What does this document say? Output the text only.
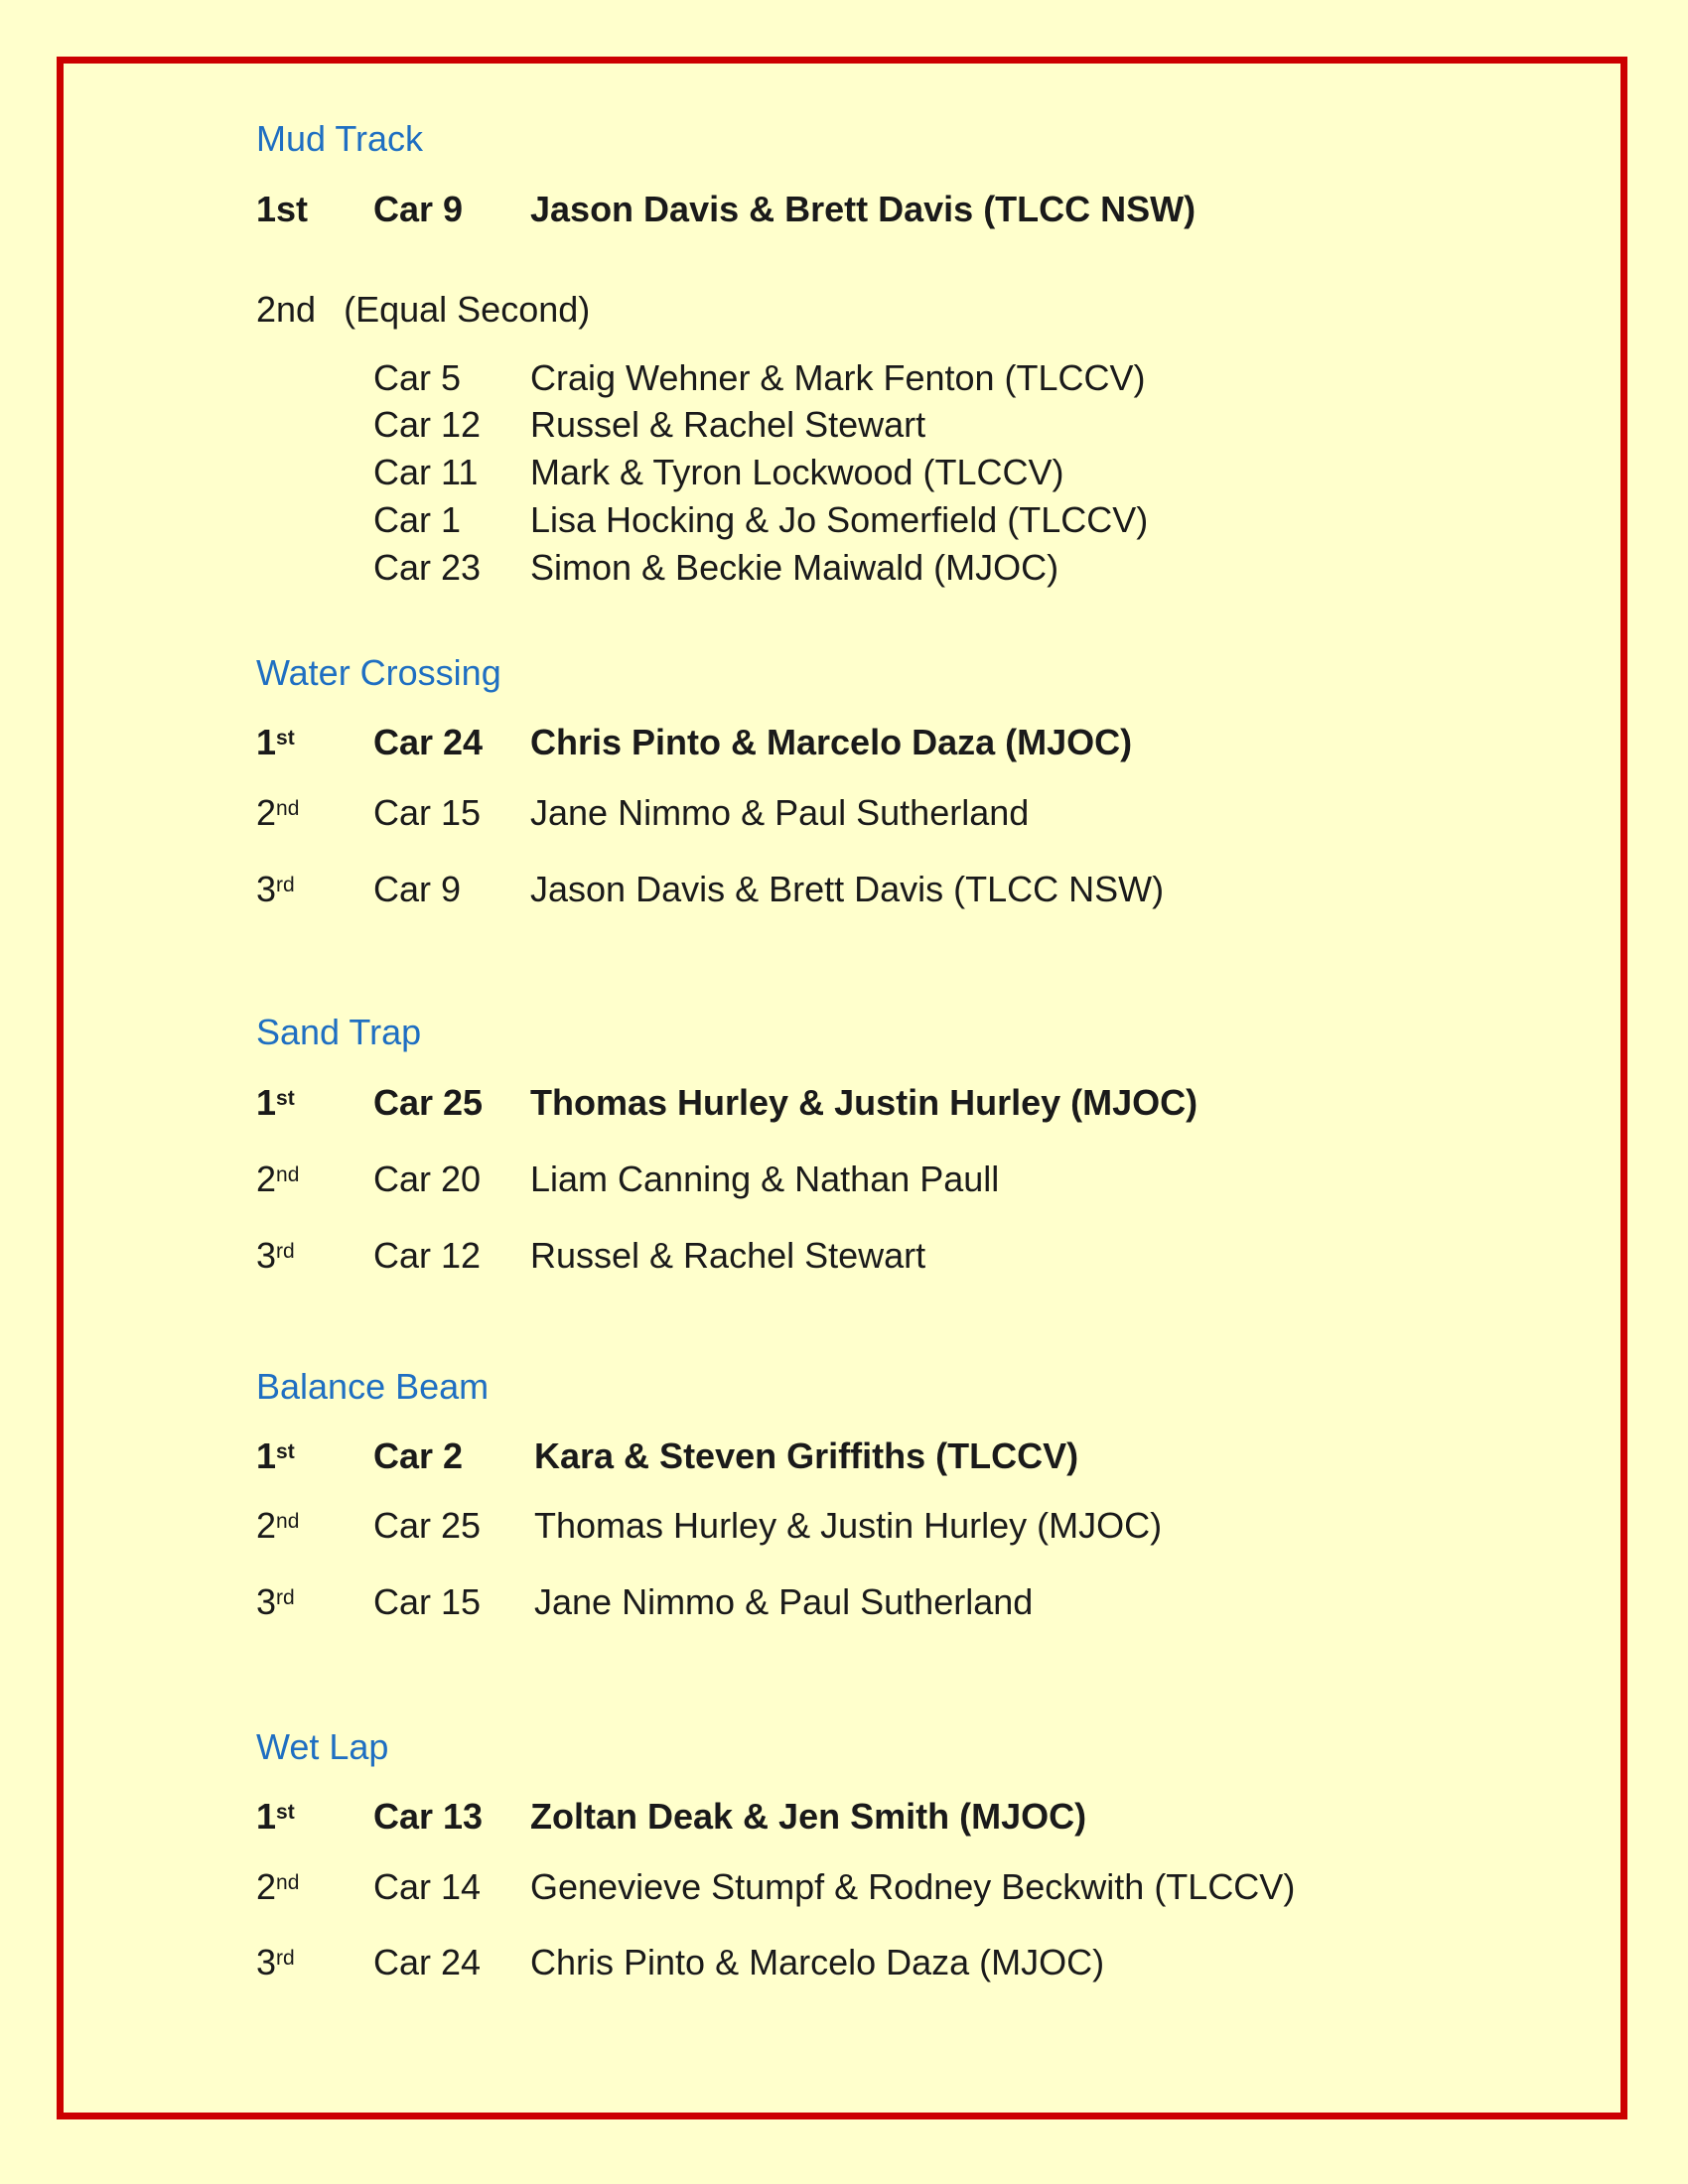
Mud Track
1st Car 9 Jason Davis & Brett Davis (TLCC NSW)
2nd (Equal Second)
Car 5 Craig Wehner & Mark Fenton (TLCCV)
Car 12 Russel & Rachel Stewart
Car 11 Mark & Tyron Lockwood (TLCCV)
Car 1 Lisa Hocking & Jo Somerfield (TLCCV)
Car 23 Simon & Beckie Maiwald (MJOC)
Water Crossing
1st Car 24 Chris Pinto & Marcelo Daza (MJOC)
2nd Car 15 Jane Nimmo & Paul Sutherland
3rd Car 9 Jason Davis & Brett Davis (TLCC NSW)
Sand Trap
1st Car 25 Thomas Hurley & Justin Hurley (MJOC)
2nd Car 20 Liam Canning & Nathan Paull
3rd Car 12 Russel & Rachel Stewart
Balance Beam
1st Car 2 Kara & Steven Griffiths (TLCCV)
2nd Car 25 Thomas Hurley & Justin Hurley (MJOC)
3rd Car 15 Jane Nimmo & Paul Sutherland
Wet Lap
1st Car 13 Zoltan Deak & Jen Smith (MJOC)
2nd Car 14 Genevieve Stumpf & Rodney Beckwith (TLCCV)
3rd Car 24 Chris Pinto & Marcelo Daza (MJOC)
